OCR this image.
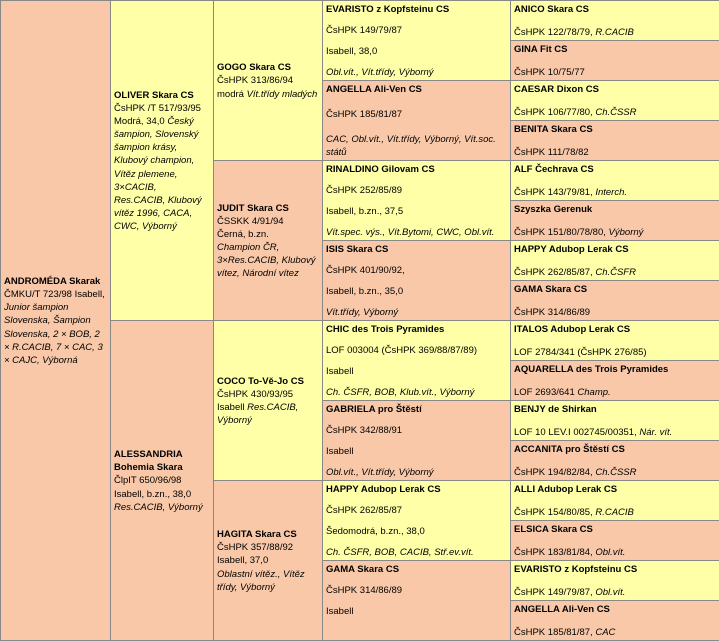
ANDROMÉDA Skarak ČMKU/T 723/98 Isabell, Junior šampion Slovenska, Šampion Slovenska, 2 × BOB, 2 × R.CACIB, 7 × CAC, 3 × CAJC, Výborná
OLIVER Skara CS
ČsHPK /T 517/93/95 Modrá, 34,0 Český šampion, Slovenský šampion krásy, Klubový champion, Vítěz plemene, 3×CACIB, Res.CACIB, Klubový vítěz 1996, CACA, CWC, Výborný
ALESSANDRIA Bohemia Skara
ČlpIT 650/96/98
Isabell, b.zn., 38,0
Res.CACIB, Výborný
GOGO Skara CS
ČsHPK 313/86/94
modrá Vít.třídy mladých
JUDIT Skara CS
ČSSKK 4/91/94
Černá, b.zn.
Champion ČR, 3×Res.CACIB, Klubový vítez, Národní vítez
COCO To-Vě-Jo CS
ČsHPK 430/93/95
Isabell Res.CACIB, Výborný
HAGITA Skara CS
ČsHPK 357/88/92
Isabell, 37,0
Oblastní vítěz., Vítěz třídy, Výborný
EVARISTO z Kopfsteinu CS
ČsHPK 149/79/87
Isabell, 38,0
Obl.vít., Vít.třídy, Výborný
ANGELLA Ali-Ven CS
ČsHPK 185/81/87
CAC, Obl.vít., Vít.třídy, Výborný, Vít.soc. států
RINALDINO Gilovam CS
ČsHPK 252/85/89
Isabell, b.zn., 37,5
Vít.spec. výs., Vít.Bytomi, CWC, Obl.vít.
ISIS Skara CS
ČsHPK 401/90/92,
Isabell, b.zn., 35,0
Vít.třídy, Výborný
CHIC des Trois Pyramides
LOF 003004 (ČsHPK 369/88/87/89)
Isabell
Ch. ČSFR, BOB, Klub.vít., Výborný
GABRIELA pro Štěstí
ČsHPK 342/88/91
Isabell
Obl.vít., Vít.třídy, Výborný
HAPPY Adubop Lerak CS
ČsHPK 262/85/87
Šedomodrá, b.zn., 38,0
Ch. ČSFR, BOB, CACIB, Stř.ev.vít.
GAMA Skara CS
ČsHPK 314/86/89
Isabell
ANICO Skara CS
ČsHPK 122/78/79, R.CACIB
GINA Fit CS
ČsHPK 10/75/77
CAESAR Dixon CS
ČsHPK 106/77/80, Ch.ČSSR
BENITA Skara CS
ČsHPK 111/78/82
ALF Čechrava CS
ČsHPK 143/79/81, Interch.
Szyszka Gerenuk
ČsHPK 151/80/78/80, Výborný
HAPPY Adubop Lerak CS
ČsHPK 262/85/87, Ch.ČSFR
GAMA Skara CS
ČsHPK 314/86/89
ITALOS Adubop Lerak CS
LOF 2784/341 (ČsHPK 276/85)
AQUARELLA des Trois Pyramides
LOF 2693/641 Champ.
BENJY de Shirkan
LOF 10 LEV.I 002745/00351, Nár. vít.
ACCANITA pro Štěstí CS
ČsHPK 194/82/84, Ch.ČSSR
ALLI Adubop Lerak CS
ČsHPK 154/80/85, R.CACIB
ELSICA Skara CS
ČsHPK 183/81/84, Obl.vít.
EVARISTO z Kopfsteinu CS
ČsHPK 149/79/87, Obl.vít.
ANGELLA Ali-Ven CS
ČsHPK 185/81/87, CAC
